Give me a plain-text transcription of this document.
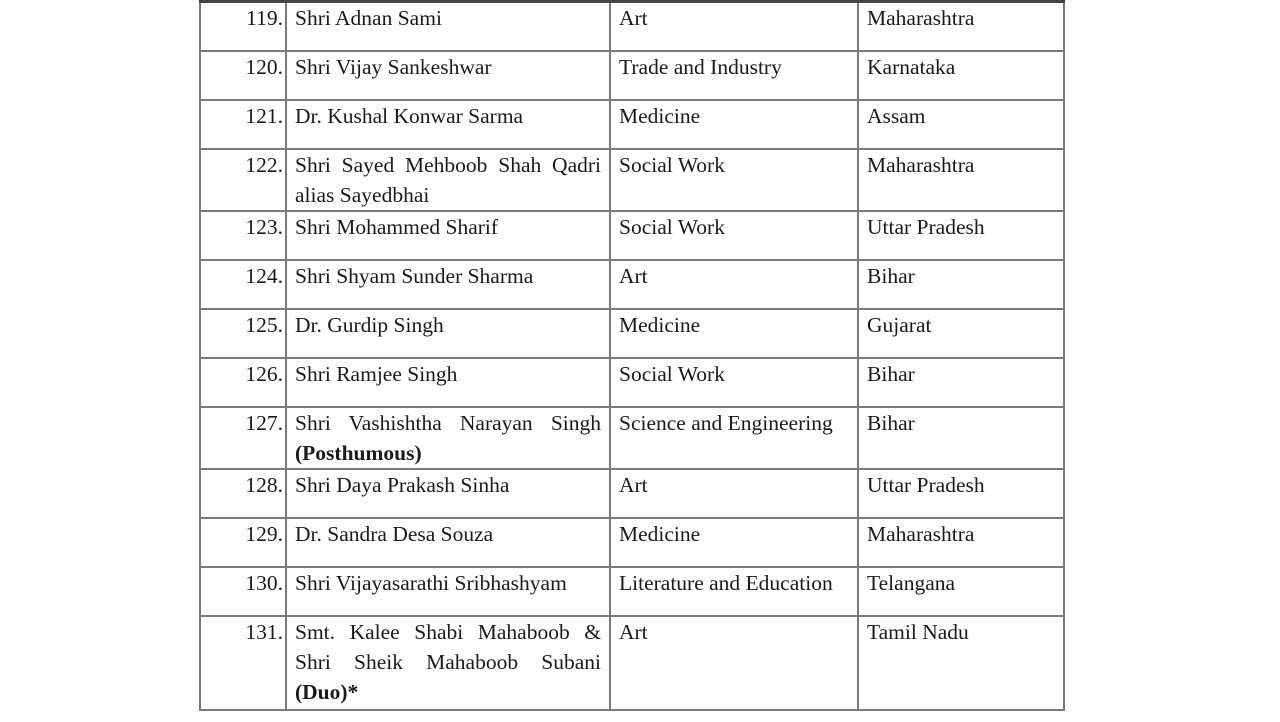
119.	Shri Adnan Sami	Art	Maharashtra
120.	Shri Vijay Sankeshwar	Trade and Industry	Karnataka
121.	Dr. Kushal Konwar Sarma	Medicine	Assam
122.	Shri Sayed Mehboob Shah Qadri alias Sayedbhai	Social Work	Maharashtra
123.	Shri Mohammed Sharif	Social Work	Uttar Pradesh
124.	Shri Shyam Sunder Sharma	Art	Bihar
125.	Dr. Gurdip Singh	Medicine	Gujarat
126.	Shri Ramjee Singh	Social Work	Bihar
127.	Shri Vashishtha Narayan Singh (Posthumous)	Science and Engineering	Bihar
128.	Shri Daya Prakash Sinha	Art	Uttar Pradesh
129.	Dr. Sandra Desa Souza	Medicine	Maharashtra
130.	Shri Vijayasarathi Sribhashyam	Literature and Education	Telangana
131.	Smt. Kalee Shabi Mahaboob & Shri Sheik Mahaboob Subani (Duo)*	Art	Tamil Nadu
